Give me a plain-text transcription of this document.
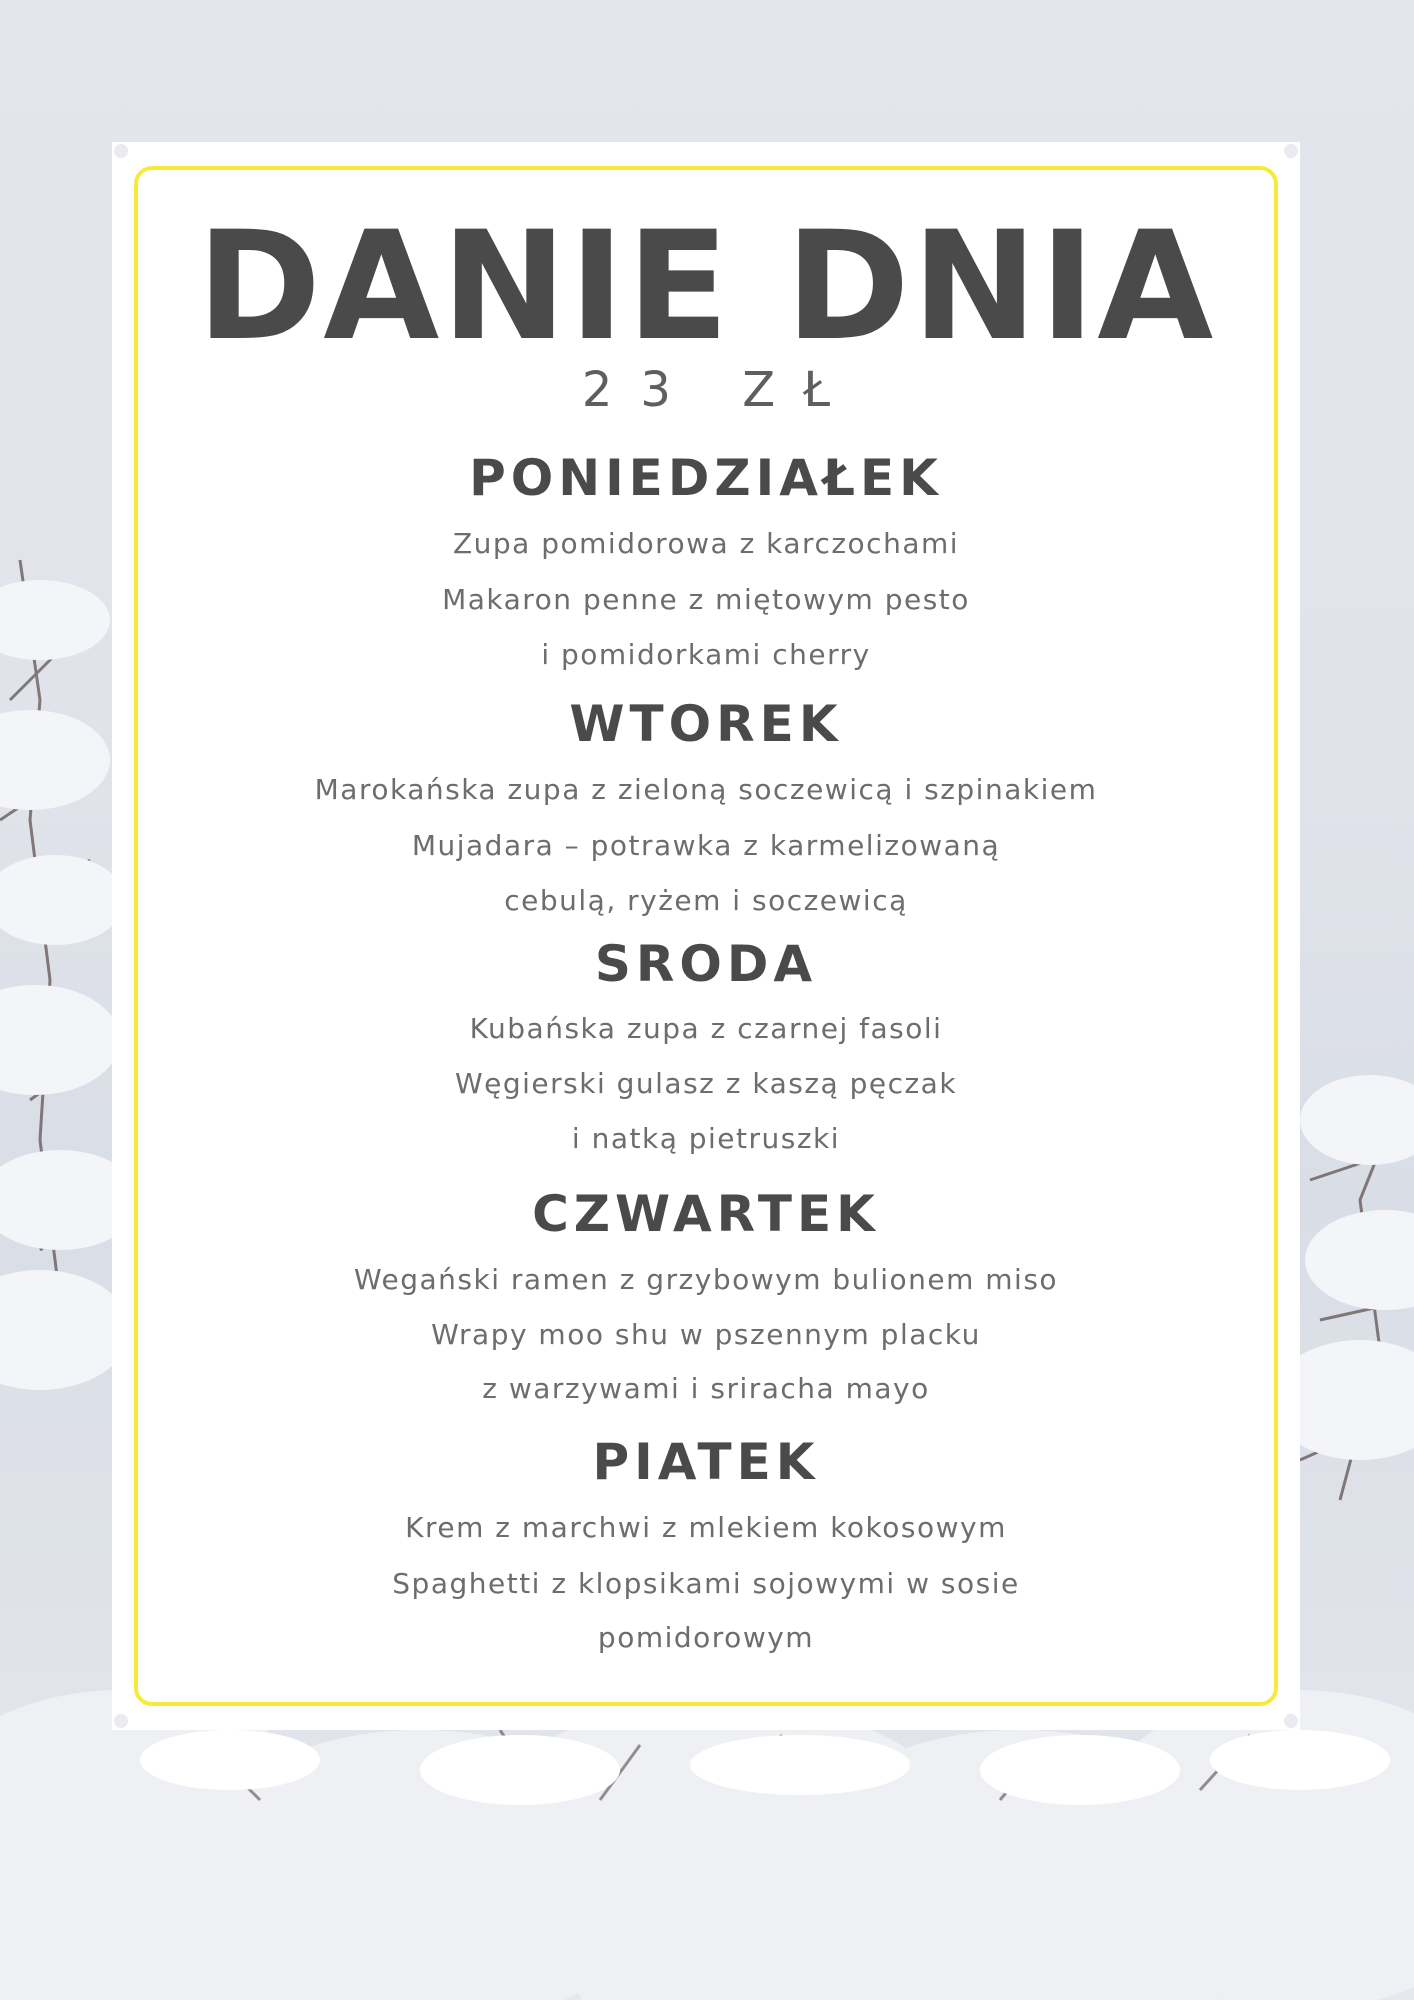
DANIE DNIA
23 ZŁ
PONIEDZIAŁEK
Zupa pomidorowa z karczochami
Makaron penne z miętowym pesto
i pomidorkami cherry
WTOREK
Marokańska zupa z zieloną soczewicą i szpinakiem
Mujadara – potrawka z karmelizowaną
cebulą, ryżem i soczewicą
SRODA
Kubańska zupa z czarnej fasoli
Węgierski gulasz z kaszą pęczak
i natką pietruszki
CZWARTEK
Wegański ramen z grzybowym bulionem miso
Wrapy moo shu w pszennym placku
z warzywami i sriracha mayo
PIATEK
Krem z marchwi z mlekiem kokosowym
Spaghetti z klopsikami sojowymi w sosie
pomidorowym
